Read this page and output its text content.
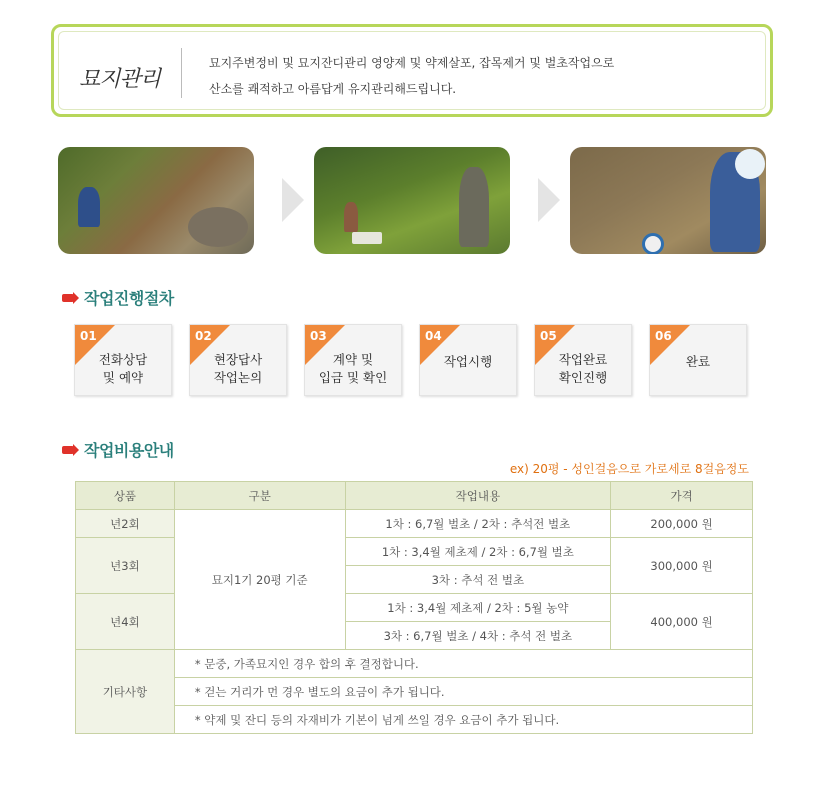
묘지관리
묘지주변정비 및 묘지잔디관리 영양제 및 약제살포, 잡목제거 및 벌초작업으로
산소를 쾌적하고 아름답게 유지관리해드립니다.
작업진행절차
01
전화상담
및 예약
02
현장답사
작업논의
03
계약 및
입금 및 확인
04
작업시행
05
작업완료
확인진행
06
완료
작업비용안내
ex) 20평 - 성인걸음으로 가로세로 8걸음정도
상품	구분	작업내용	가격
년2회	묘지1기 20평 기준	1차 : 6,7월 벌초 / 2차 : 추석전 벌초	200,000 원
년3회		1차 : 3,4월 제초제 / 2차 : 6,7월 벌초	300,000 원
		3차 : 추석 전 벌초	
년4회		1차 : 3,4월 제초제 / 2차 : 5월 농약	400,000 원
		3차 : 6,7월 벌초 / 4차 : 추석 전 벌초	
기타사항	* 문중, 가족묘지인 경우 합의 후 결정합니다.		
	* 걷는 거리가 먼 경우 별도의 요금이 추가 됩니다.		
	* 약제 및 잔디 등의 자재비가 기본이 넘게 쓰일 경우 요금이 추가 됩니다.		
